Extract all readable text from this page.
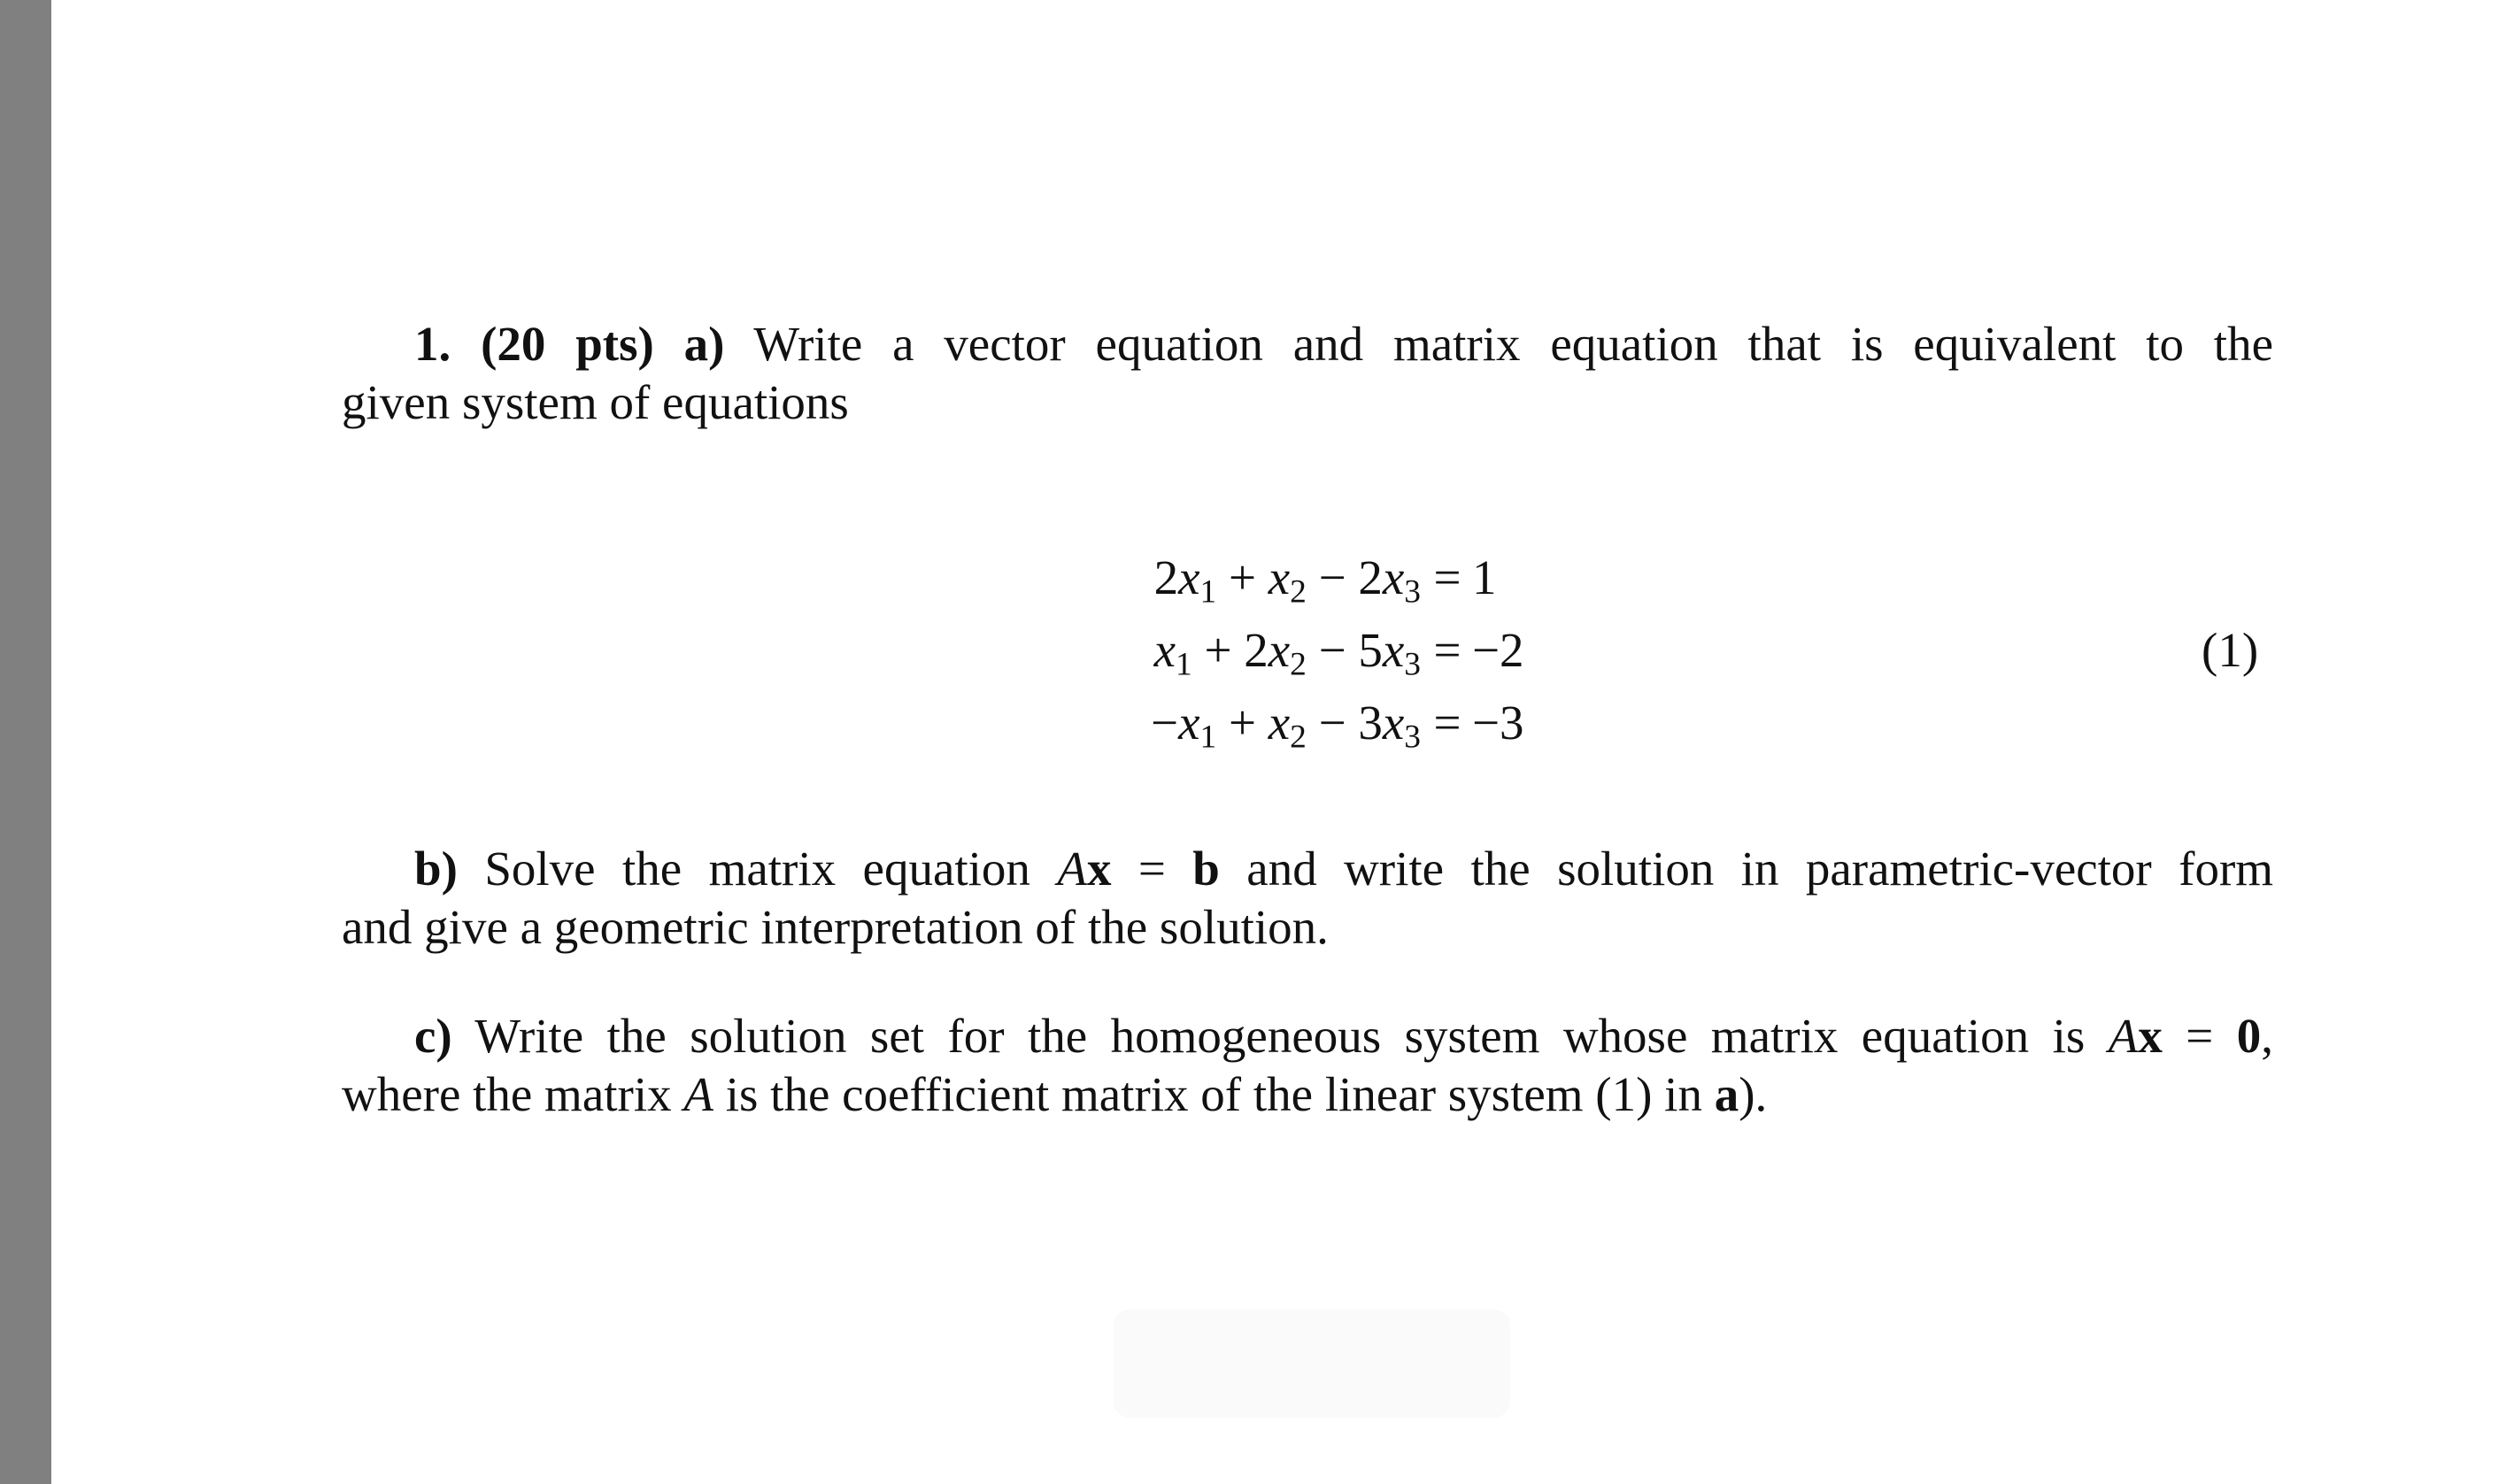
1. (20 pts) a) Write a vector equation and matrix equation that is equivalent to the
given system of equations
$2x_1 + x_2 - 2x_3 = 1$
$x_1 + 2x_2 - 5x_3 = -2$
$-x_1 + x_2 - 3x_3 = -3$
(1)
b) Solve the matrix equation Ax = b and write the solution in parametric-vector form
and give a geometric interpretation of the solution.
c) Write the solution set for the homogeneous system whose matrix equation is Ax = 0,
where the matrix A is the coefficient matrix of the linear system (1) in a).
